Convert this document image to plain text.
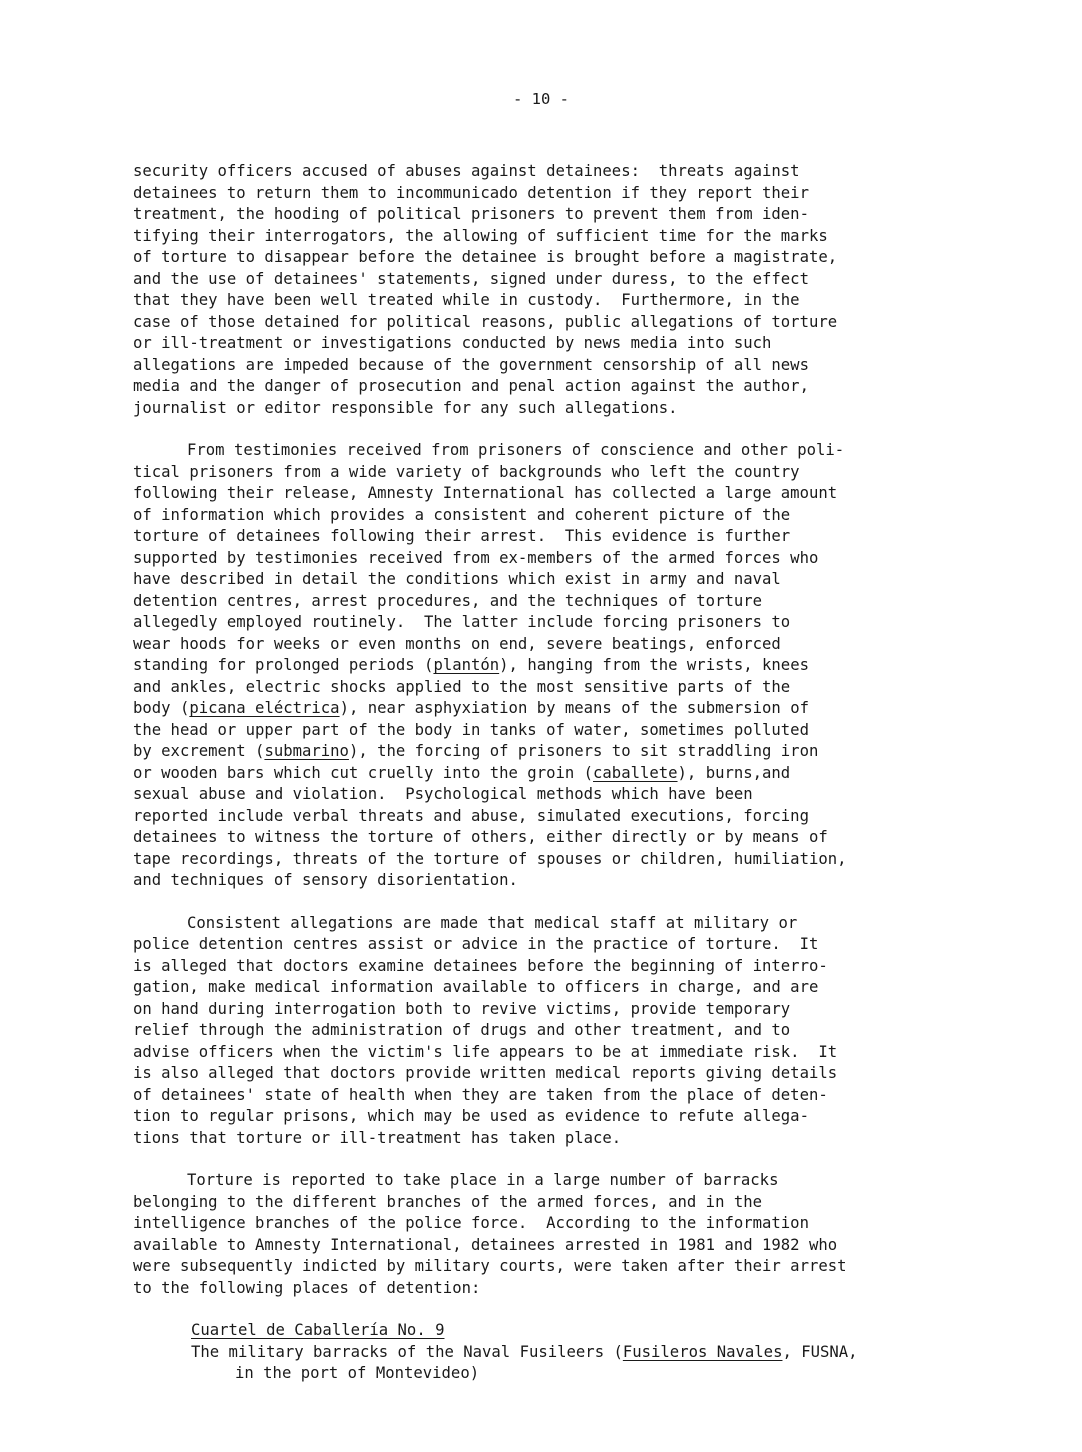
- 10 -
security officers accused of abuses against detainees:  threats against
detainees to return them to incommunicado detention if they report their
treatment, the hooding of political prisoners to prevent them from iden-
tifying their interrogators, the allowing of sufficient time for the marks
of torture to disappear before the detainee is brought before a magistrate,
and the use of detainees' statements, signed under duress, to the effect
that they have been well treated while in custody.  Furthermore, in the
case of those detained for political reasons, public allegations of torture
or ill-treatment or investigations conducted by news media into such
allegations are impeded because of the government censorship of all news
media and the danger of prosecution and penal action against the author,
journalist or editor responsible for any such allegations.
From testimonies received from prisoners of conscience and other poli-
tical prisoners from a wide variety of backgrounds who left the country
following their release, Amnesty International has collected a large amount
of information which provides a consistent and coherent picture of the
torture of detainees following their arrest.  This evidence is further
supported by testimonies received from ex-members of the armed forces who
have described in detail the conditions which exist in army and naval
detention centres, arrest procedures, and the techniques of torture
allegedly employed routinely.  The latter include forcing prisoners to
wear hoods for weeks or even months on end, severe beatings, enforced
standing for prolonged periods (plantón), hanging from the wrists, knees
and ankles, electric shocks applied to the most sensitive parts of the
body (picana eléctrica), near asphyxiation by means of the submersion of
the head or upper part of the body in tanks of water, sometimes polluted
by excrement (submarino), the forcing of prisoners to sit straddling iron
or wooden bars which cut cruelly into the groin (caballete), burns,and
sexual abuse and violation.  Psychological methods which have been
reported include verbal threats and abuse, simulated executions, forcing
detainees to witness the torture of others, either directly or by means of
tape recordings, threats of the torture of spouses or children, humiliation,
and techniques of sensory disorientation.
Consistent allegations are made that medical staff at military or
police detention centres assist or advice in the practice of torture.  It
is alleged that doctors examine detainees before the beginning of interro-
gation, make medical information available to officers in charge, and are
on hand during interrogation both to revive victims, provide temporary
relief through the administration of drugs and other treatment, and to
advise officers when the victim's life appears to be at immediate risk.  It
is also alleged that doctors provide written medical reports giving details
of detainees' state of health when they are taken from the place of deten-
tion to regular prisons, which may be used as evidence to refute allega-
tions that torture or ill-treatment has taken place.
Torture is reported to take place in a large number of barracks
belonging to the different branches of the armed forces, and in the
intelligence branches of the police force.  According to the information
available to Amnesty International, detainees arrested in 1981 and 1982 who
were subsequently indicted by military courts, were taken after their arrest
to the following places of detention:
Cuartel de Caballería No. 9
The military barracks of the Naval Fusileers (Fusileros Navales, FUSNA,
in the port of Montevideo)
